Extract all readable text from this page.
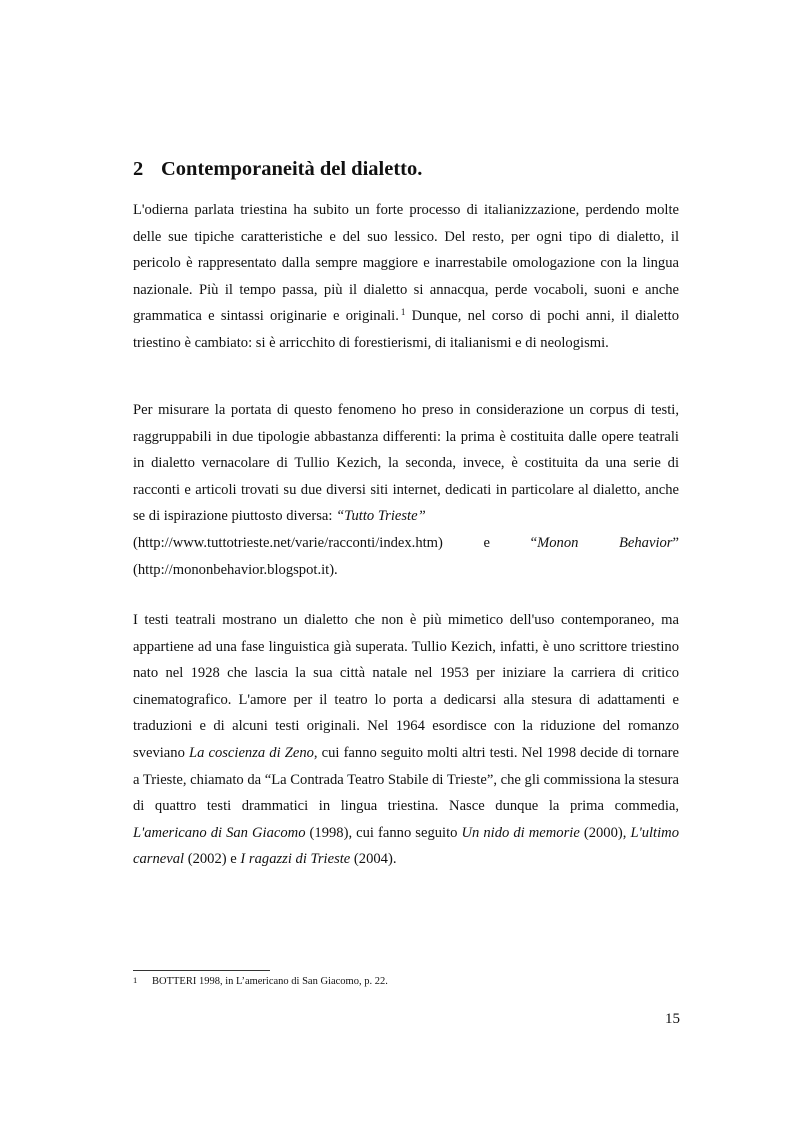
2 Contemporaneità del dialetto.

L'odierna parlata triestina ha subito un forte processo di italianizzazione, perdendo molte delle sue tipiche caratteristiche e del suo lessico. Del resto, per ogni tipo di dialetto, il pericolo è rappresentato dalla sempre maggiore e inarrestabile omologazione con la lingua nazionale. Più il tempo passa, più il dialetto si annacqua, perde vocaboli, suoni e anche grammatica e sintassi originarie e originali. $^1$ Dunque, nel corso di pochi anni, il dialetto triestino è cambiato: si è arricchito di forestierismi, di italianismi e di neologismi.

Per misurare la portata di questo fenomeno ho preso in considerazione un corpus di testi, raggruppabili in due tipologie abbastanza differenti: la prima è costituita dalle opere teatrali in dialetto vernacolare di Tullio Kezich, la seconda, invece, è costituita da una serie di racconti e articoli trovati su due diversi siti internet, dedicati in particolare al dialetto, anche se di ispirazione piuttosto diversa: “Tutto Trieste”
(http://www.tuttotrieste.net/varie/racconti/index.htm)	e	“Monon Behavior”
(http://mononbehavior.blogspot.it).

I testi teatrali mostrano un dialetto che non è più mimetico dell'uso contemporaneo, ma appartiene ad una fase linguistica già superata. Tullio Kezich, infatti, è uno scrittore triestino nato nel 1928 che lascia la sua città natale nel 1953 per iniziare la carriera di critico cinematografico. L'amore per il teatro lo porta a dedicarsi alla stesura di adattamenti e traduzioni e di alcuni testi originali. Nel 1964 esordisce con la riduzione del romanzo sveviano La coscienza di Zeno, cui fanno seguito molti altri testi. Nel 1998 decide di tornare a Trieste, chiamato da “La Contrada Teatro Stabile di Trieste”, che gli commissiona la stesura di quattro testi drammatici in lingua triestina. Nasce dunque la prima commedia, L'americano di San Giacomo (1998), cui fanno seguito Un nido di memorie (2000), L'ultimo carneval (2002) e I ragazzi di Trieste (2004).

1 BOTTERI 1998, in L’americano di San Giacomo, p. 22.

15
